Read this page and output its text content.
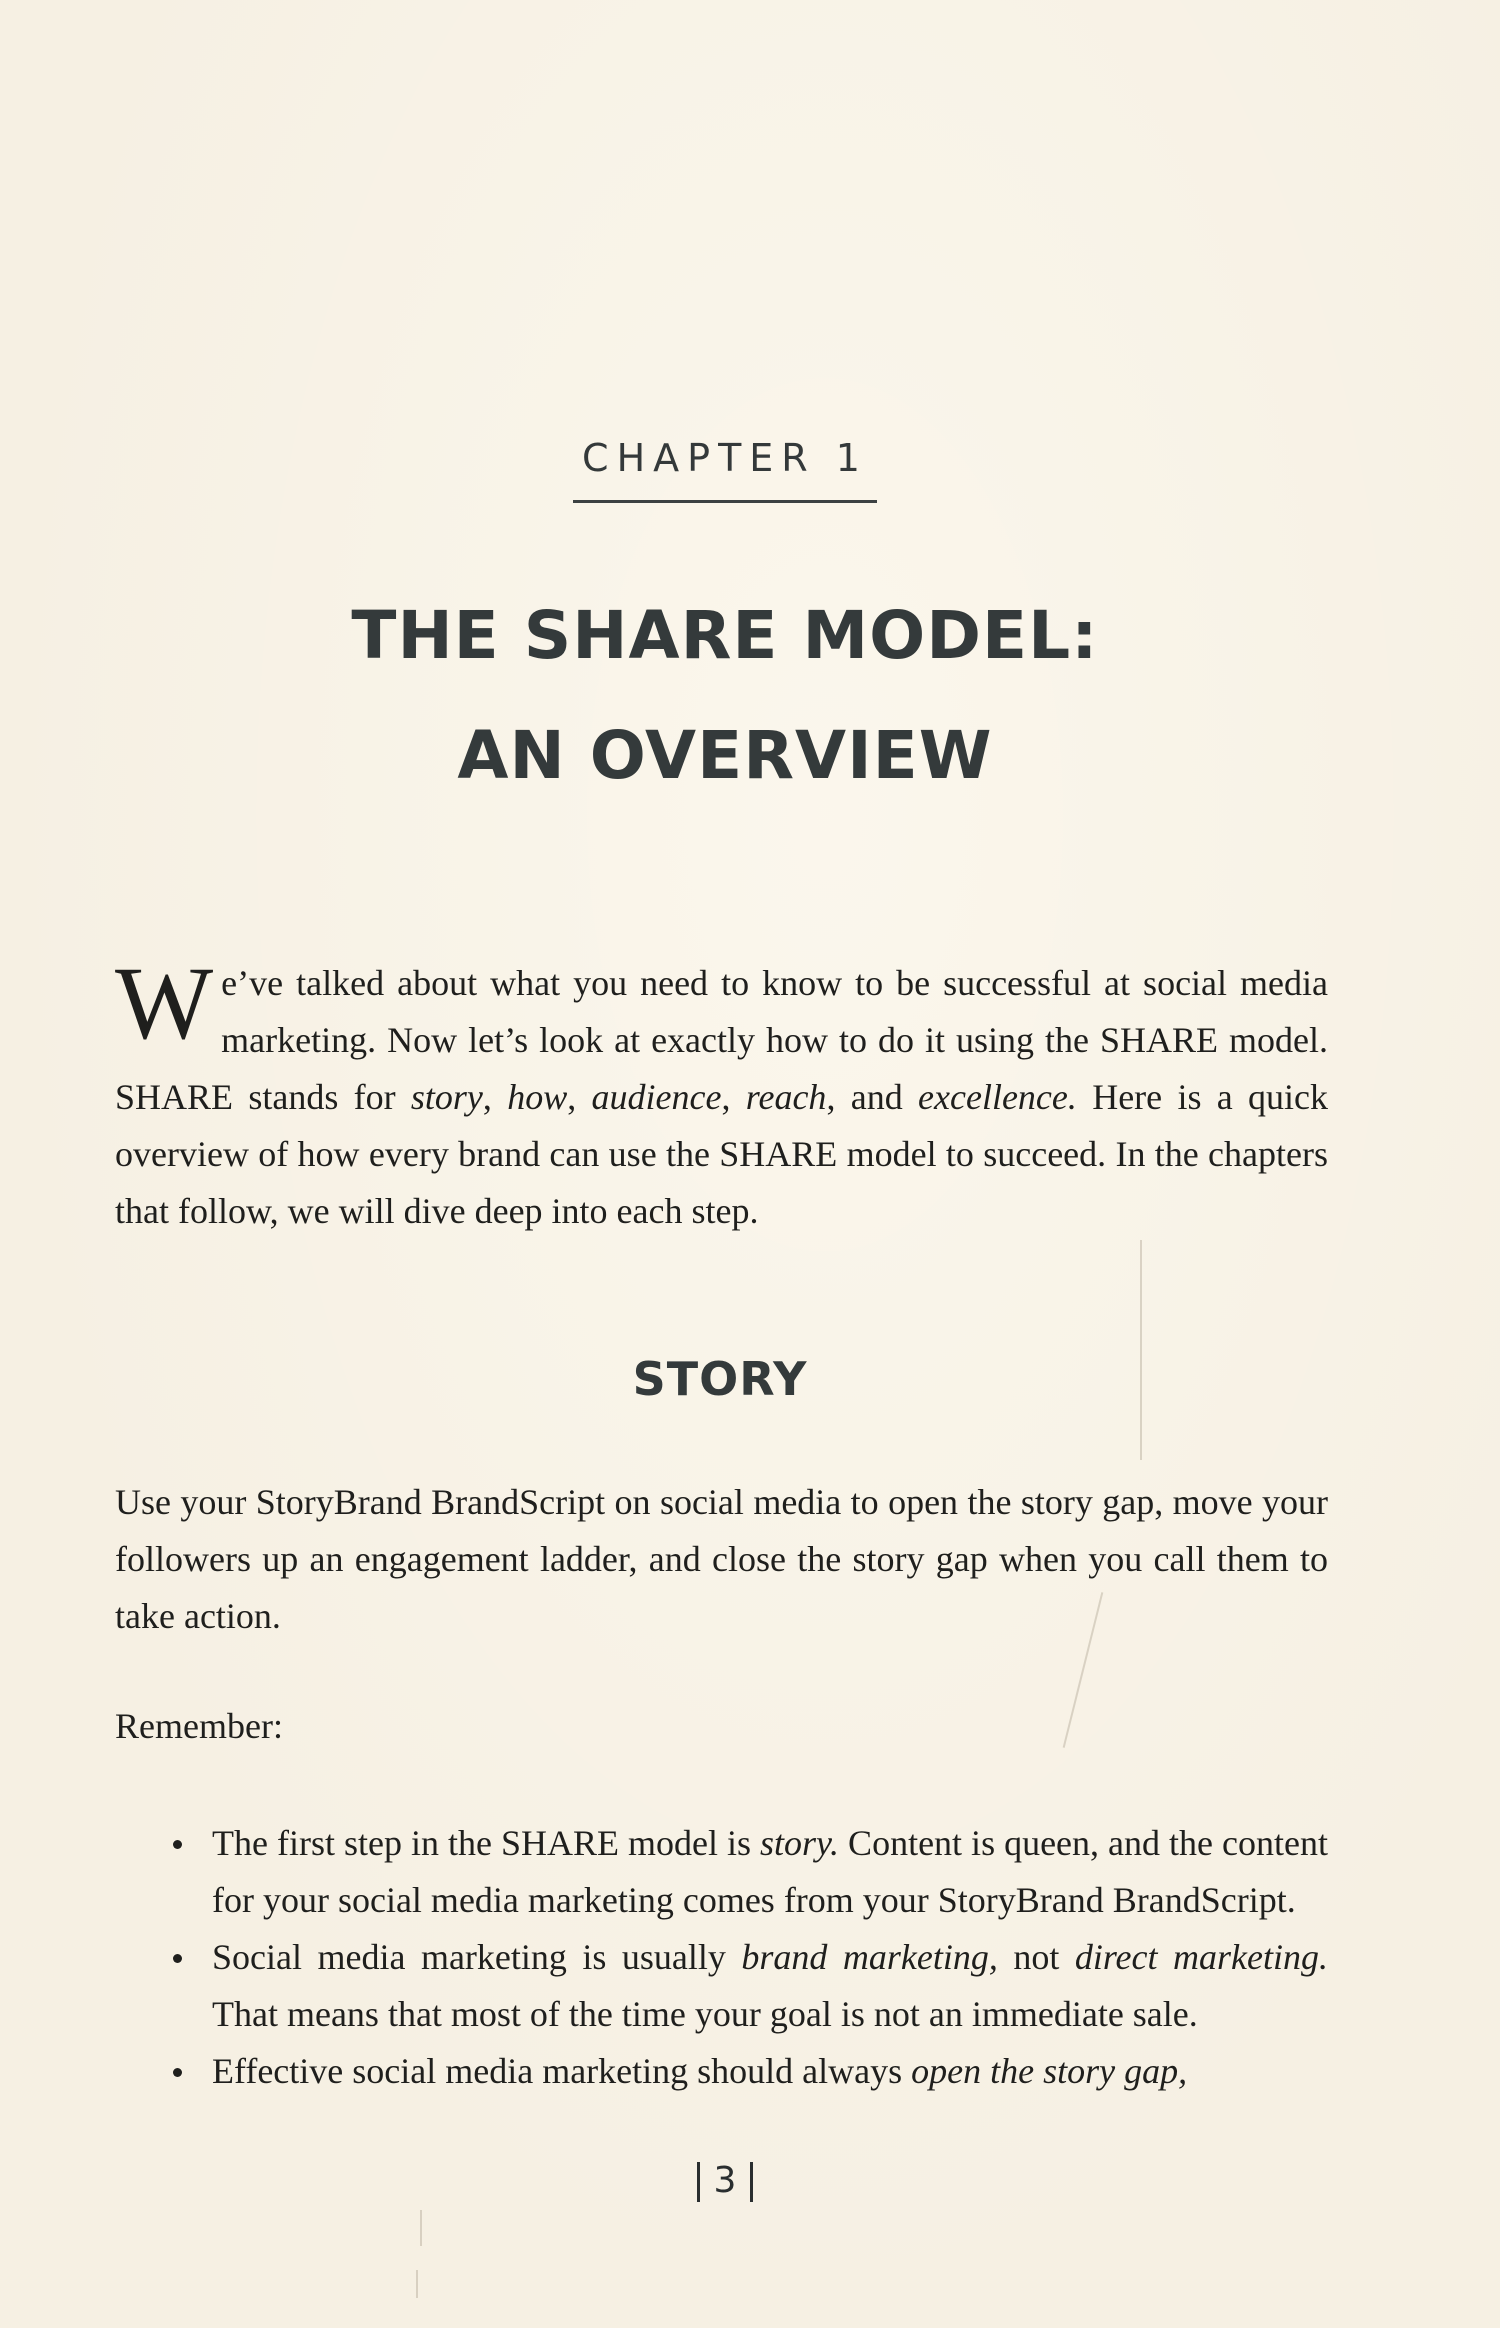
CHAPTER 1
THE SHARE MODEL:
AN OVERVIEW
We’ve talked about what you need to know to be successful at social media marketing. Now let’s look at exactly how to do it using the SHARE model. SHARE stands for story, how, audience, reach, and excellence. Here is a quick overview of how every brand can use the SHARE model to succeed. In the chapters that follow, we will dive deep into each step.
STORY
Use your StoryBrand BrandScript on social media to open the story gap, move your followers up an engagement ladder, and close the story gap when you call them to take action.
Remember:
The first step in the SHARE model is story. Content is queen, and the content for your social media marketing comes from your StoryBrand BrandScript.
Social media marketing is usually brand marketing, not direct marketing. That means that most of the time your goal is not an immediate sale.
Effective social media marketing should always open the story gap,
3
